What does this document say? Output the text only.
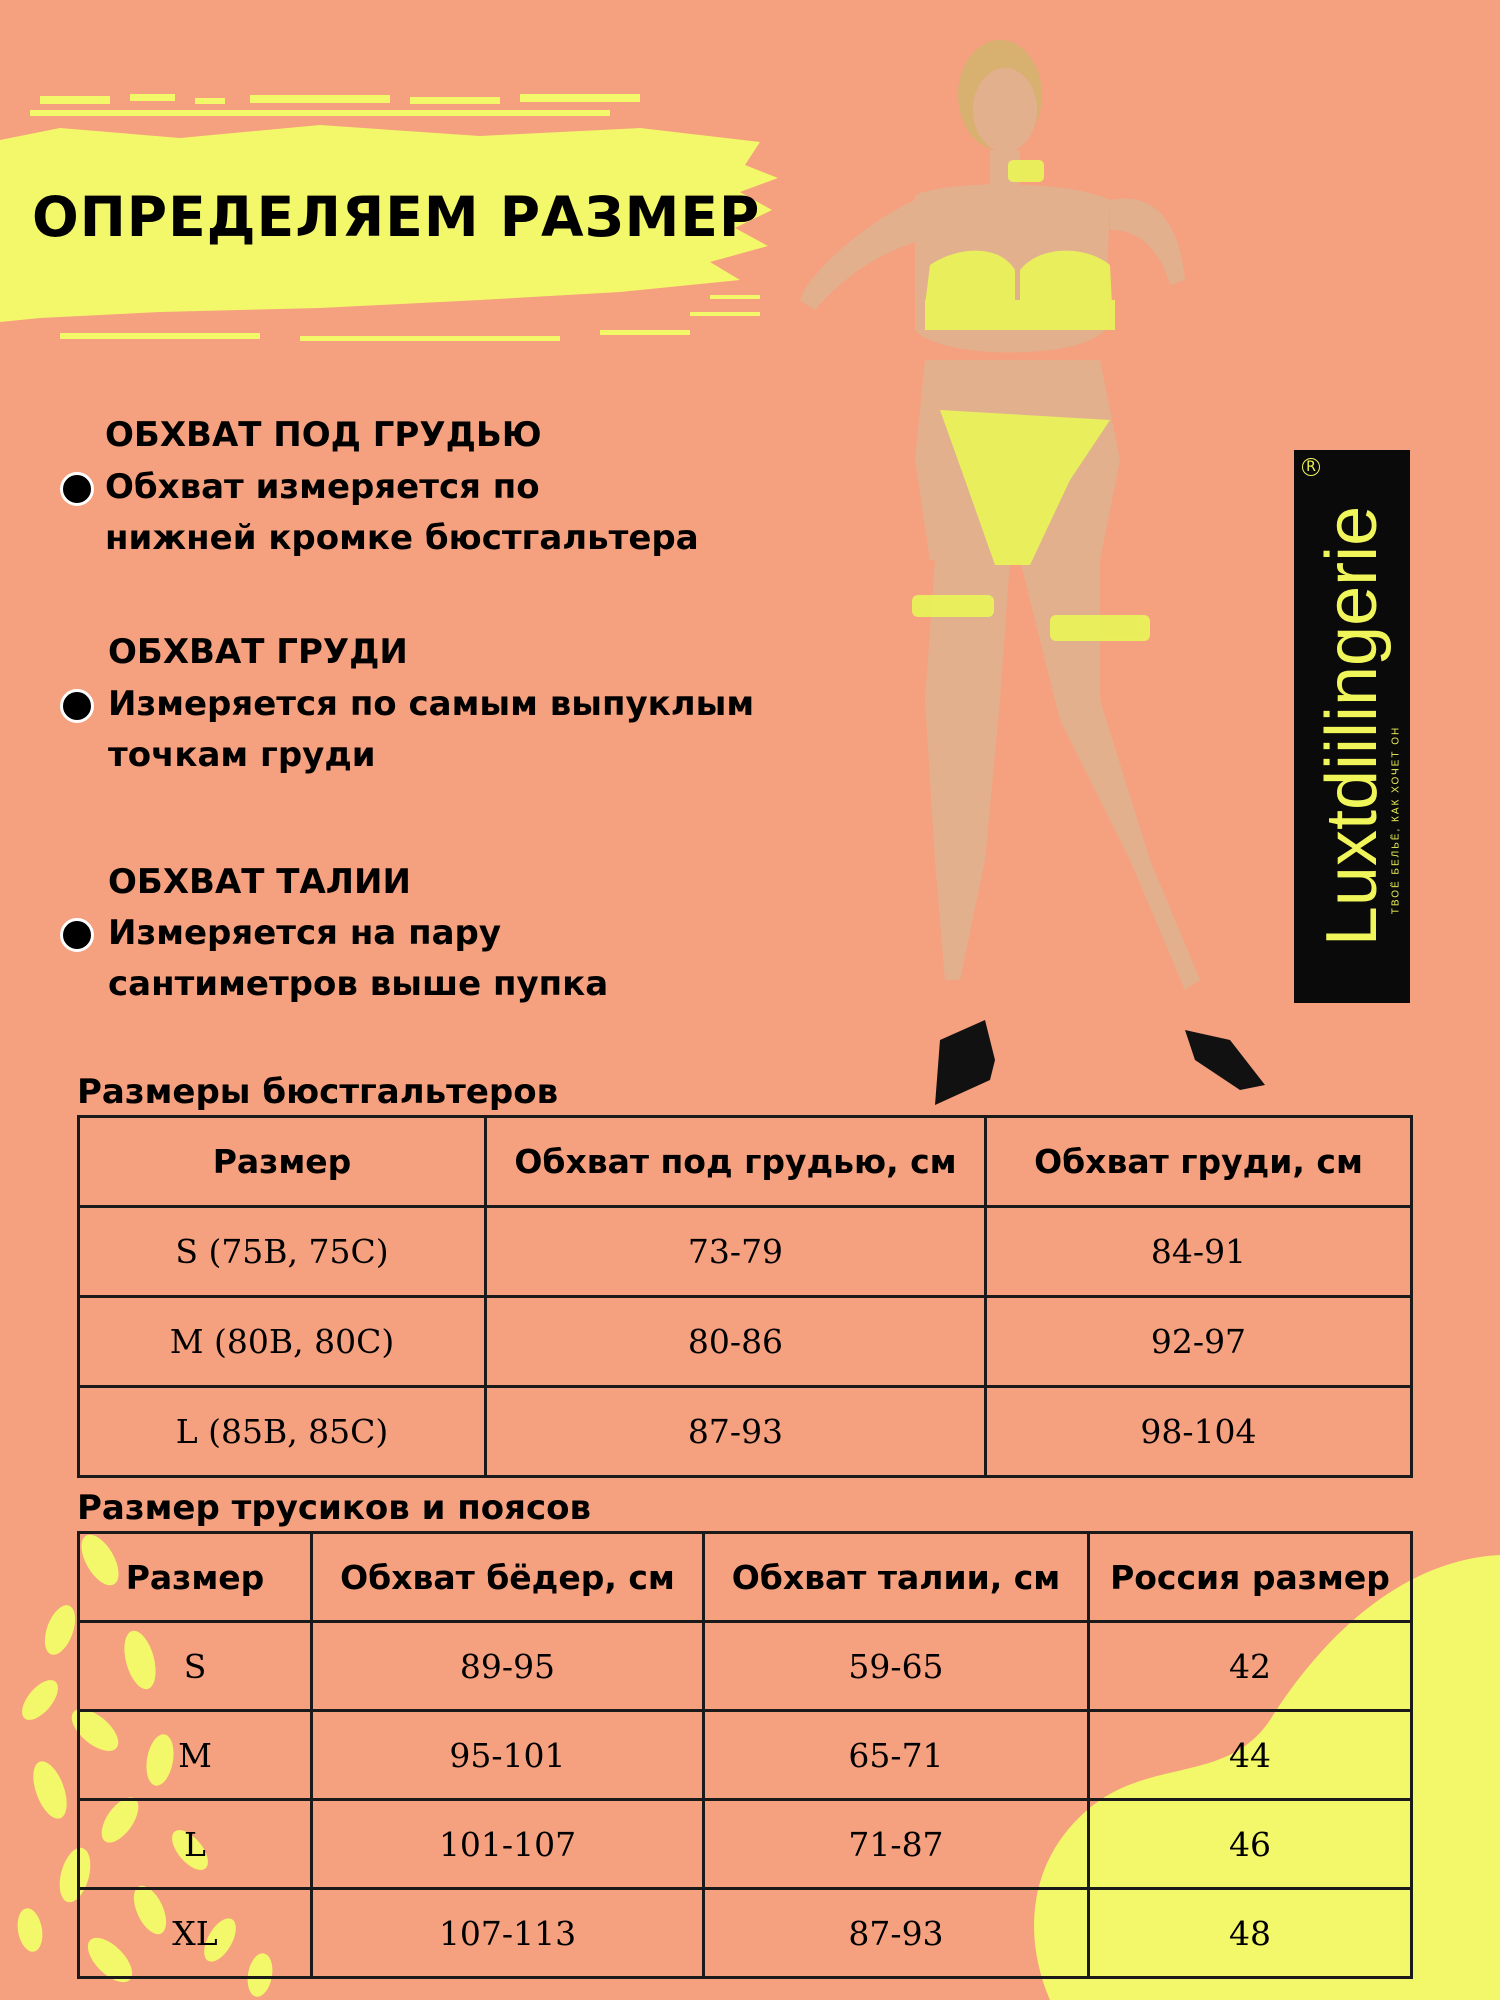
ОПРЕДЕЛЯЕМ РАЗМЕР
ОБХВАТ ПОД ГРУДЬЮ
Обхват измеряется по
нижней кромке бюстгальтера
ОБХВАТ ГРУДИ
Измеряется по самым выпуклым
точкам груди
ОБХВАТ ТАЛИИ
Измеряется на пару
сантиметров выше пупка
Luxtdiilingerie
ТВОЁ БЕЛЬЁ, КАК ХОЧЕТ ОН
R
Размеры бюстгальтеров
Размер	Обхват под грудью, см	Обхват груди, см
S (75B, 75C)	73-79	84-91
M (80B, 80C)	80-86	92-97
L (85B, 85C)	87-93	98-104
Размер трусиков и поясов
Размер	Обхват бёдер, см	Обхват талии, см	Россия размер
S	89-95	59-65	42
M	95-101	65-71	44
L	101-107	71-87	46
XL	107-113	87-93	48
